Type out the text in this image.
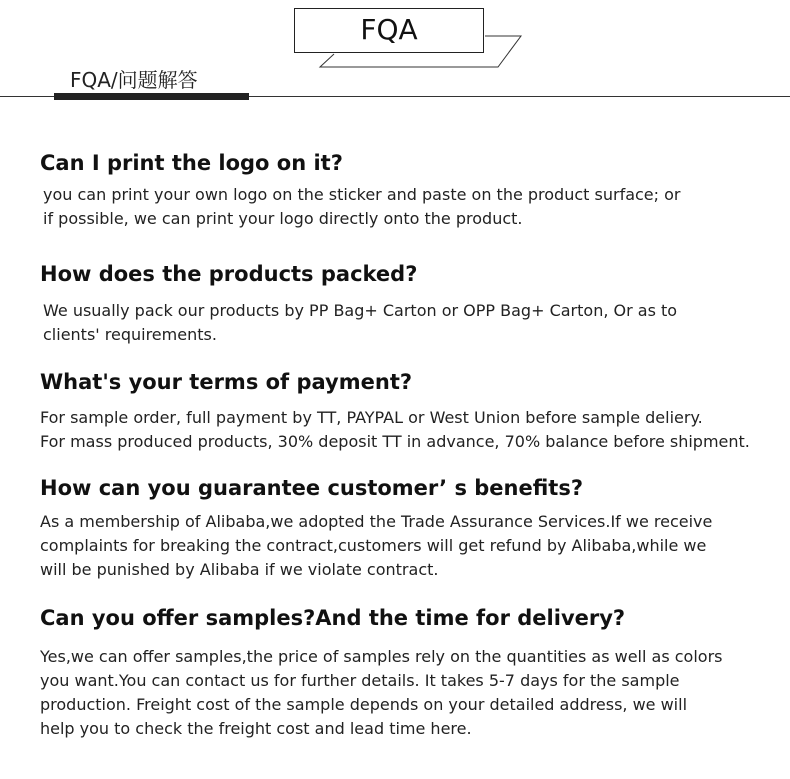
FQA
FQA/问题解答
Can I print the logo on it?

you can print your own logo on the sticker and paste on the product surface; or
if possible, we can print your logo directly onto the product.

How does the products packed?

We usually pack our products by PP Bag+ Carton or OPP Bag+ Carton, Or as to
clients' requirements.

What's your terms of payment?

For sample order, full payment by TT, PAYPAL or West Union before sample deliery.
For mass produced products, 30% deposit TT in advance, 70% balance before shipment.

How can you guarantee customer’ s benefits?

As a membership of Alibaba,we adopted the Trade Assurance Services.If we receive
complaints for breaking the contract,customers will get refund by Alibaba,while we
will be punished by Alibaba if we violate contract.

Can you offer samples?And the time for delivery?

Yes,we can offer samples,the price of samples rely on the quantities as well as colors
you want.You can contact us for further details. It takes 5-7 days for the sample
production. Freight cost of the sample depends on your detailed address, we will
help you to check the freight cost and lead time here.
